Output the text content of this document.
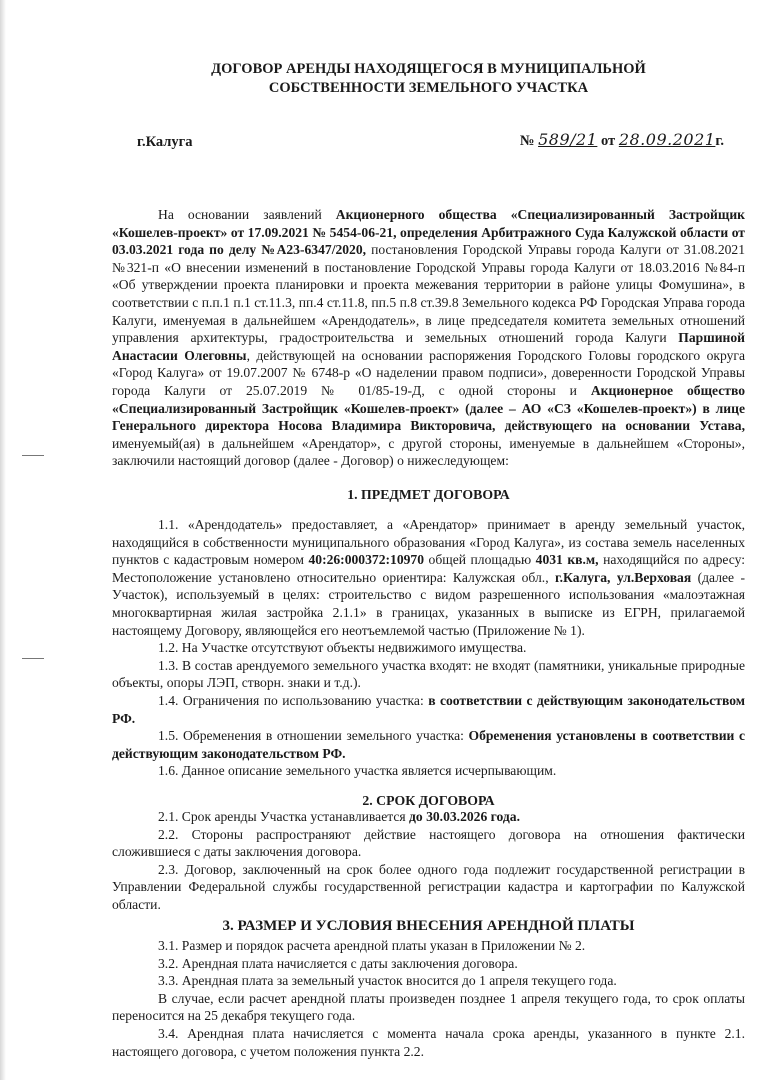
ДОГОВОР АРЕНДЫ НАХОДЯЩЕГОСЯ В МУНИЦИПАЛЬНОЙ
СОБСТВЕННОСТИ ЗЕМЕЛЬНОГО УЧАСТКА
г.Калуга	№ 589/21 от 28.09.2021г.

На основании заявлений Акционерного общества «Специализированный Застройщик «Кошелев-проект» от 17.09.2021 № 5454-06-21, определения Арбитражного Суда Калужской области от 03.03.2021 года по делу №А23-6347/2020, постановления Городской Управы города Калуги от 31.08.2021 №321-п «О внесении изменений в постановление Городской Управы города Калуги от 18.03.2016 №84-п «Об утверждении проекта планировки и проекта межевания территории в районе улицы Фомушина», в соответствии с п.п.1 п.1 ст.11.3, пп.4 ст.11.8, пп.5 п.8 ст.39.8 Земельного кодекса РФ Городская Управа города Калуги, именуемая в дальнейшем «Арендодатель», в лице председателя комитета земельных отношений управления архитектуры, градостроительства и земельных отношений города Калуги Паршиной Анастасии Олеговны, действующей на основании распоряжения Городского Головы городского округа «Город Калуга» от 19.07.2007 № 6748-р «О наделении правом подписи», доверенности Городской Управы города Калуги от 25.07.2019 № 01/85-19-Д, с одной стороны и Акционерное общество «Специализированный Застройщик «Кошелев-проект» (далее – АО «СЗ «Кошелев-проект») в лице Генерального директора Носова Владимира Викторовича, действующего на основании Устава, именуемый(ая) в дальнейшем «Арендатор», с другой стороны, именуемые в дальнейшем «Стороны», заключили настоящий договор (далее - Договор) о нижеследующем:

1. ПРЕДМЕТ ДОГОВОРА

1.1. «Арендодатель» предоставляет, а «Арендатор» принимает в аренду земельный участок, находящийся в собственности муниципального образования «Город Калуга», из состава земель населенных пунктов с кадастровым номером 40:26:000372:10970 общей площадью 4031 кв.м, находящийся по адресу: Местоположение установлено относительно ориентира: Калужская обл., г.Калуга, ул.Верховая (далее - Участок), используемый в целях: строительство с видом разрешенного использования «малоэтажная многоквартирная жилая застройка 2.1.1» в границах, указанных в выписке из ЕГРН, прилагаемой настоящему Договору, являющейся его неотъемлемой частью (Приложение № 1).

1.2. На Участке отсутствуют объекты недвижимого имущества.

1.3. В состав арендуемого земельного участка входят: не входят (памятники, уникальные природные объекты, опоры ЛЭП, створн. знаки и т.д.).

1.4. Ограничения по использованию участка: в соответствии с действующим законодательством РФ.

1.5. Обременения в отношении земельного участка: Обременения установлены в соответствии с действующим законодательством РФ.

1.6. Данное описание земельного участка является исчерпывающим.

2. СРОК ДОГОВОРА

2.1. Срок аренды Участка устанавливается до 30.03.2026 года.

2.2. Стороны распространяют действие настоящего договора на отношения фактически сложившиеся с даты заключения договора.

2.3. Договор, заключенный на срок более одного года подлежит государственной регистрации в Управлении Федеральной службы государственной регистрации кадастра и картографии по Калужской области.

3. РАЗМЕР И УСЛОВИЯ ВНЕСЕНИЯ АРЕНДНОЙ ПЛАТЫ

3.1. Размер и порядок расчета арендной платы указан в Приложении № 2.

3.2. Арендная плата начисляется с даты заключения договора.

3.3. Арендная плата за земельный участок вносится до 1 апреля текущего года.

В случае, если расчет арендной платы произведен позднее 1 апреля текущего года, то срок оплаты переносится на 25 декабря текущего года.

3.4. Арендная плата начисляется с момента начала срока аренды, указанного в пункте 2.1. настоящего договора, с учетом положения пункта 2.2.
